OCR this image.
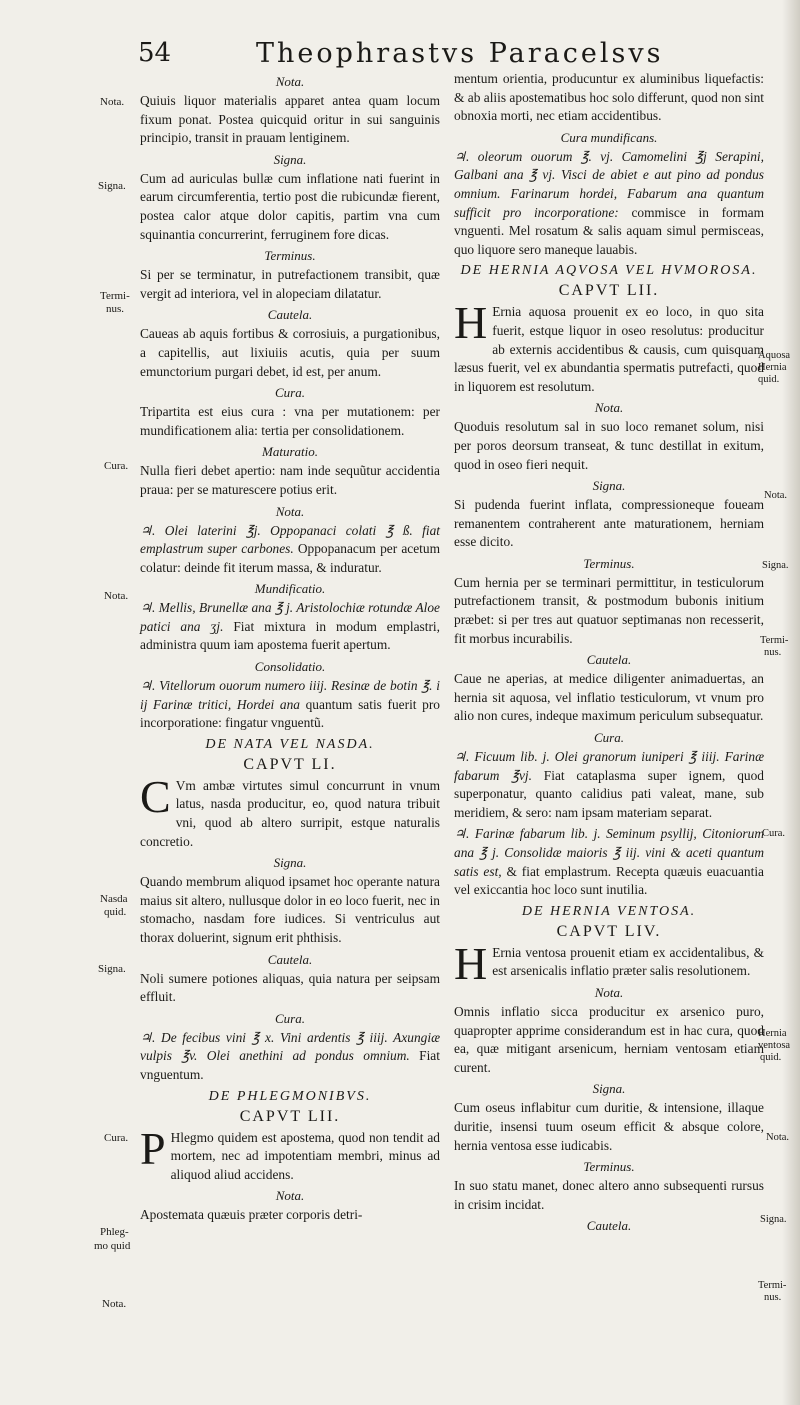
54	Theophrastvs Paracelsvs
Nota.

Quiuis liquor materialis apparet antea quam locum fixum ponat. Postea quicquid oritur in sui sanguinis principio, transit in prauam lentiginem.

Signa.

Cum ad auriculas bullæ cum inflatione nati fuerint in earum circumferentia, tertio post die rubicundæ fierent, postea calor atque dolor capitis, partim vna cum squinantia concurrerint, ferruginem fore dicas.

Terminus.

Si per se terminatur, in putrefactionem transibit, quæ vergit ad interiora, vel in alopeciam dilatatur.

Cautela.

Caueas ab aquis fortibus & corrosiuis, a purgationibus, a capitellis, aut lixiuiis acutis, quia per suum emunctorium purgari debet, id est, per anum.

Cura.

Tripartita est eius cura : vna per mutationem: per mundificationem alia: tertia per consolidationem.

Maturatio.

Nulla fieri debet apertio: nam inde sequũtur accidentia praua: per se maturescere potius erit.

Nota.

♃. Olei laterini ℥j. Oppopanaci colati ℥ ß. fiat emplastrum super carbones. Oppopanacum per acetum colatur: deinde fit iterum massa, & induratur.

Mundificatio.

♃. Mellis, Brunellæ ana ℥ j. Aristolochiæ rotundæ Aloe patici ana ʒj. Fiat mixtura in modum emplastri, administra quum iam apostema fuerit apertum.

Consolidatio.

♃. Vitellorum ouorum numero iiij. Resinæ de botin ℥. i ij Farinæ tritici, Hordei ana quantum satis fuerit pro incorporatione: fingatur vnguentũ.

DE NATA VEL NASDA.
CAPVT LI.

C Vm ambæ virtutes simul concurrunt in vnum latus, nasda producitur, eo, quod natura tribuit vni, quod ab altero surripit, estque naturalis concretio.

Signa.

Quando membrum aliquod ipsamet hoc operante natura maius sit altero, nullusque dolor in eo loco fuerit, nec in stomacho, nasdam fore iudices. Si ventriculus aut thorax doluerint, signum erit phthisis.

Cautela.

Noli sumere potiones aliquas, quia natura per seipsam effluit.

Cura.

♃. De fecibus vini ℥ x. Vini ardentis ℥ iiij. Axungiæ vulpis ℥v. Olei anethini ad pondus omnium. Fiat vnguentum.

DE PHLEGMONIBVS.
CAPVT LII.

P Hlegmo quidem est apostema, quod non tendit ad mortem, nec ad impotentiam membri, minus ad aliquod aliud accidens.

Nota.

Apostemata quæuis præter corporis detri-

mentum orientia, producuntur ex aluminibus liquefactis: & ab aliis apostematibus hoc solo differunt, quod non sint obnoxia morti, nec etiam accidentibus.

Cura mundificans.

♃. oleorum ouorum ℥. vj. Camomelini ℥j Serapini, Galbani ana ℥ vj. Visci de abiet e aut pino ad pondus omnium. Farinarum hordei, Fabarum ana quantum sufficit pro incorporatione: commisce in formam vnguenti. Mel rosatum & salis aquam simul permisceas, quo liquore sero maneque lauabis.

DE HERNIA AQVOSA VEL HVMOROSA.
CAPVT LII.

H Ernia aquosa prouenit ex eo loco, in quo sita fuerit, estque liquor in oseo resolutus: producitur ab externis accidentibus & causis, cum quisquam læsus fuerit, vel ex abundantia spermatis putrefacti, quod in liquorem est resolutum.

Nota.

Quoduis resolutum sal in suo loco remanet solum, nisi per poros deorsum transeat, & tunc destillat in exitum, quod in oseo fieri nequit.

Signa.

Si pudenda fuerint inflata, compressioneque foueam remanentem contraherent ante maturationem, herniam esse dicito.

Terminus.

Cum hernia per se terminari permittitur, in testiculorum putrefactionem transit, & postmodum bubonis initium præbet: si per tres aut quatuor septimanas non recesserit, fit morbus incurabilis.

Cautela.

Caue ne aperias, at medice diligenter animaduertas, an hernia sit aquosa, vel inflatio testiculorum, vt vnum pro alio non cures, indeque maximum periculum subsequatur.

Cura.

♃. Ficuum lib. j. Olei granorum iuniperi ℥ iiij. Farinæ fabarum ℥vj. Fiat cataplasma super ignem, quod superponatur, quanto calidius pati valeat, mane, sub meridiem, & sero: nam ipsam materiam separat.

♃. Farinæ fabarum lib. j. Seminum psyllij, Citoniorum ana ℥ j. Consolidæ maioris ℥ iij. vini & aceti quantum satis est, & fiat emplastrum. Recepta quæuis euacuantia vel exiccantia hoc loco sunt inutilia.

DE HERNIA VENTOSA.
CAPVT LIV.

H Ernia ventosa prouenit etiam ex accidentalibus, & est arsenicalis inflatio præter salis resolutionem.

Nota.

Omnis inflatio sicca producitur ex arsenico puro, quapropter apprime considerandum est in hac cura, quod ea, quæ mitigant arsenicum, herniam ventosam etiam curent.

Signa.

Cum oseus inflabitur cum duritie, & intensione, illaque duritie, insensi tuum oseum efficit & absque colore, hernia ventosa esse iudicabis.

Terminus.

In suo statu manet, donec altero anno subsequenti rursus in crisim incidat.

Cautela.
Nota.
Signa.
Termi-
nus.
Cura.
Nota.
Nasda
quid.
Signa.
Cura.
Phleg-
mo quid
Nota.
Aquosa
Hernia
quid.
Nota.
Signa.
Termi-
nus.
Cura.
Hernia
ventosa
quid.
Nota.
Signa.
Termi-
nus.
